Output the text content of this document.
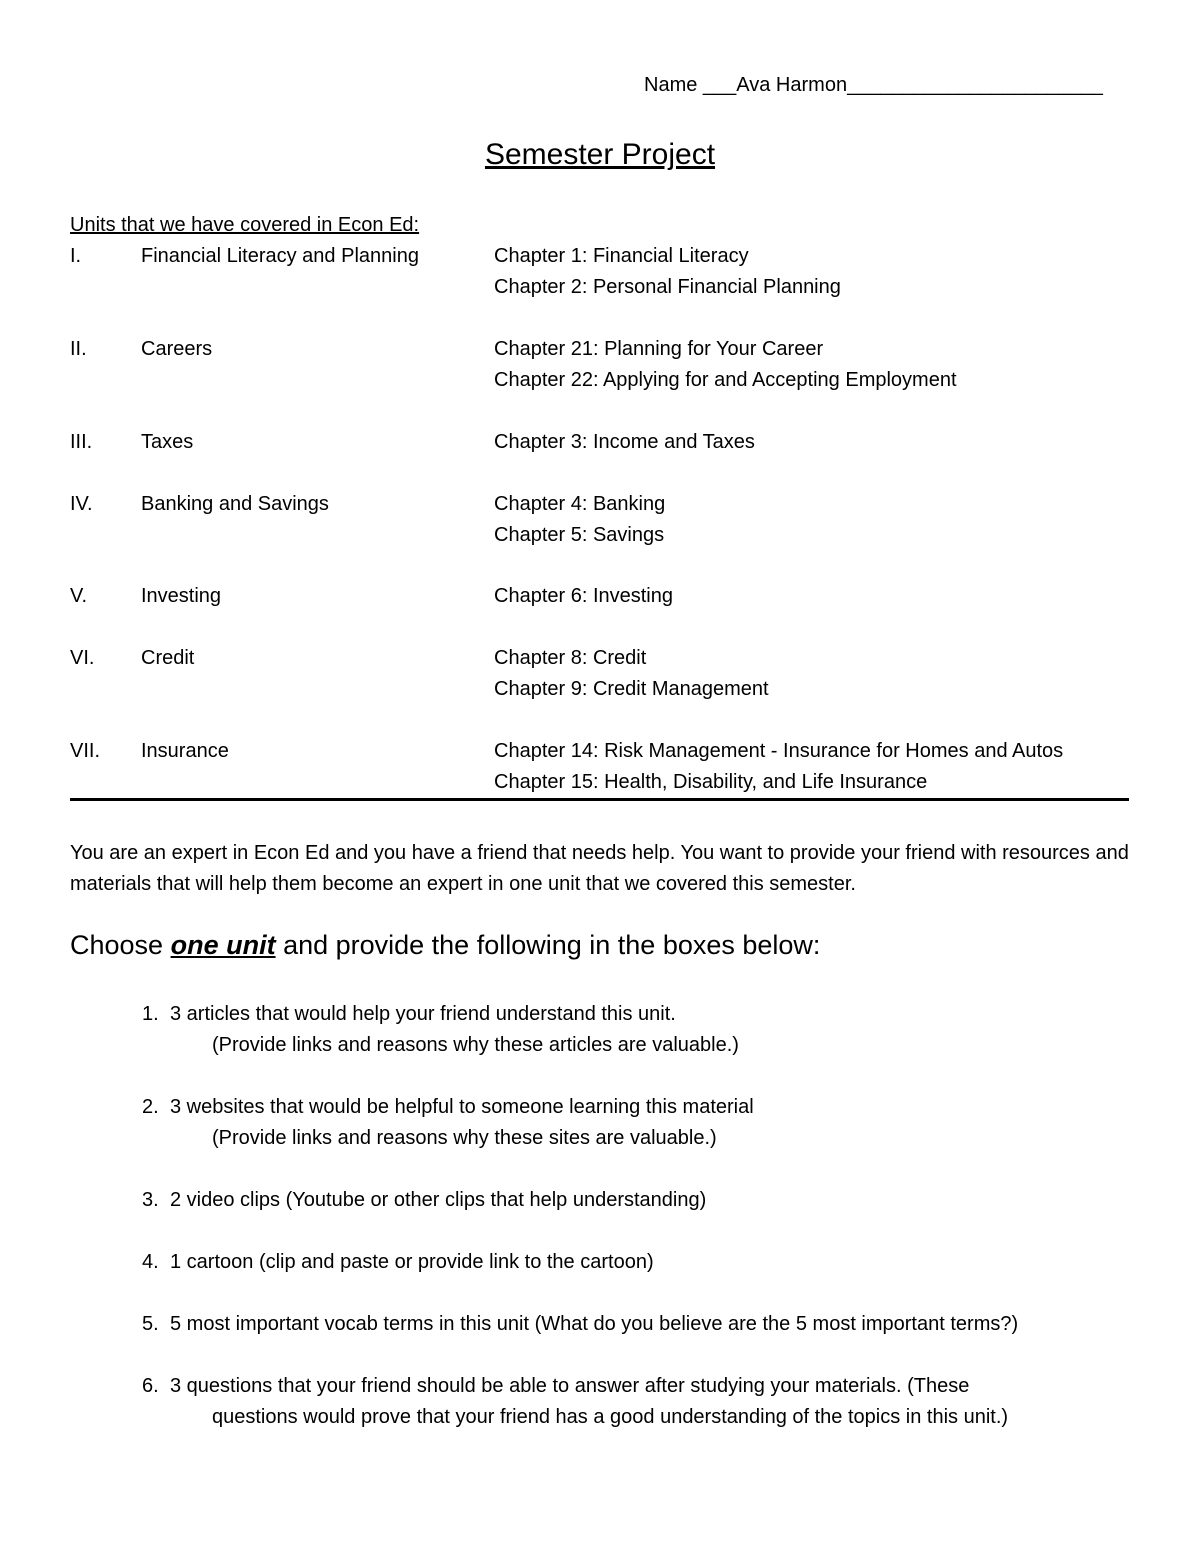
Name ___Ava Harmon_______________________
Semester Project
Units that we have covered in Econ Ed:
I.	Financial Literacy and Planning	Chapter 1: Financial Literacy
Chapter 2: Personal Financial Planning
II.	Careers	Chapter 21: Planning for Your Career
Chapter 22: Applying for and Accepting Employment
III. Taxes	Chapter 3: Income and Taxes
IV. Banking and Savings	Chapter 4: Banking
Chapter 5: Savings
V.	Investing	Chapter 6: Investing
VI. Credit	Chapter 8: Credit
Chapter 9: Credit Management
VII. Insurance	Chapter 14: Risk Management - Insurance for Homes and Autos
Chapter 15: Health, Disability, and Life Insurance
You are an expert in Econ Ed and you have a friend that needs help. You want to provide your friend with resources and materials that will help them become an expert in one unit that we covered this semester.
Choose one unit and provide the following in the boxes below:
1. 3 articles that would help your friend understand this unit.
(Provide links and reasons why these articles are valuable.)
2. 3 websites that would be helpful to someone learning this material
(Provide links and reasons why these sites are valuable.)
3. 2 video clips (Youtube or other clips that help understanding)
4. 1 cartoon (clip and paste or provide link to the cartoon)
5. 5 most important vocab terms in this unit (What do you believe are the 5 most important terms?)
6. 3 questions that your friend should be able to answer after studying your materials. (These
questions would prove that your friend has a good understanding of the topics in this unit.)
